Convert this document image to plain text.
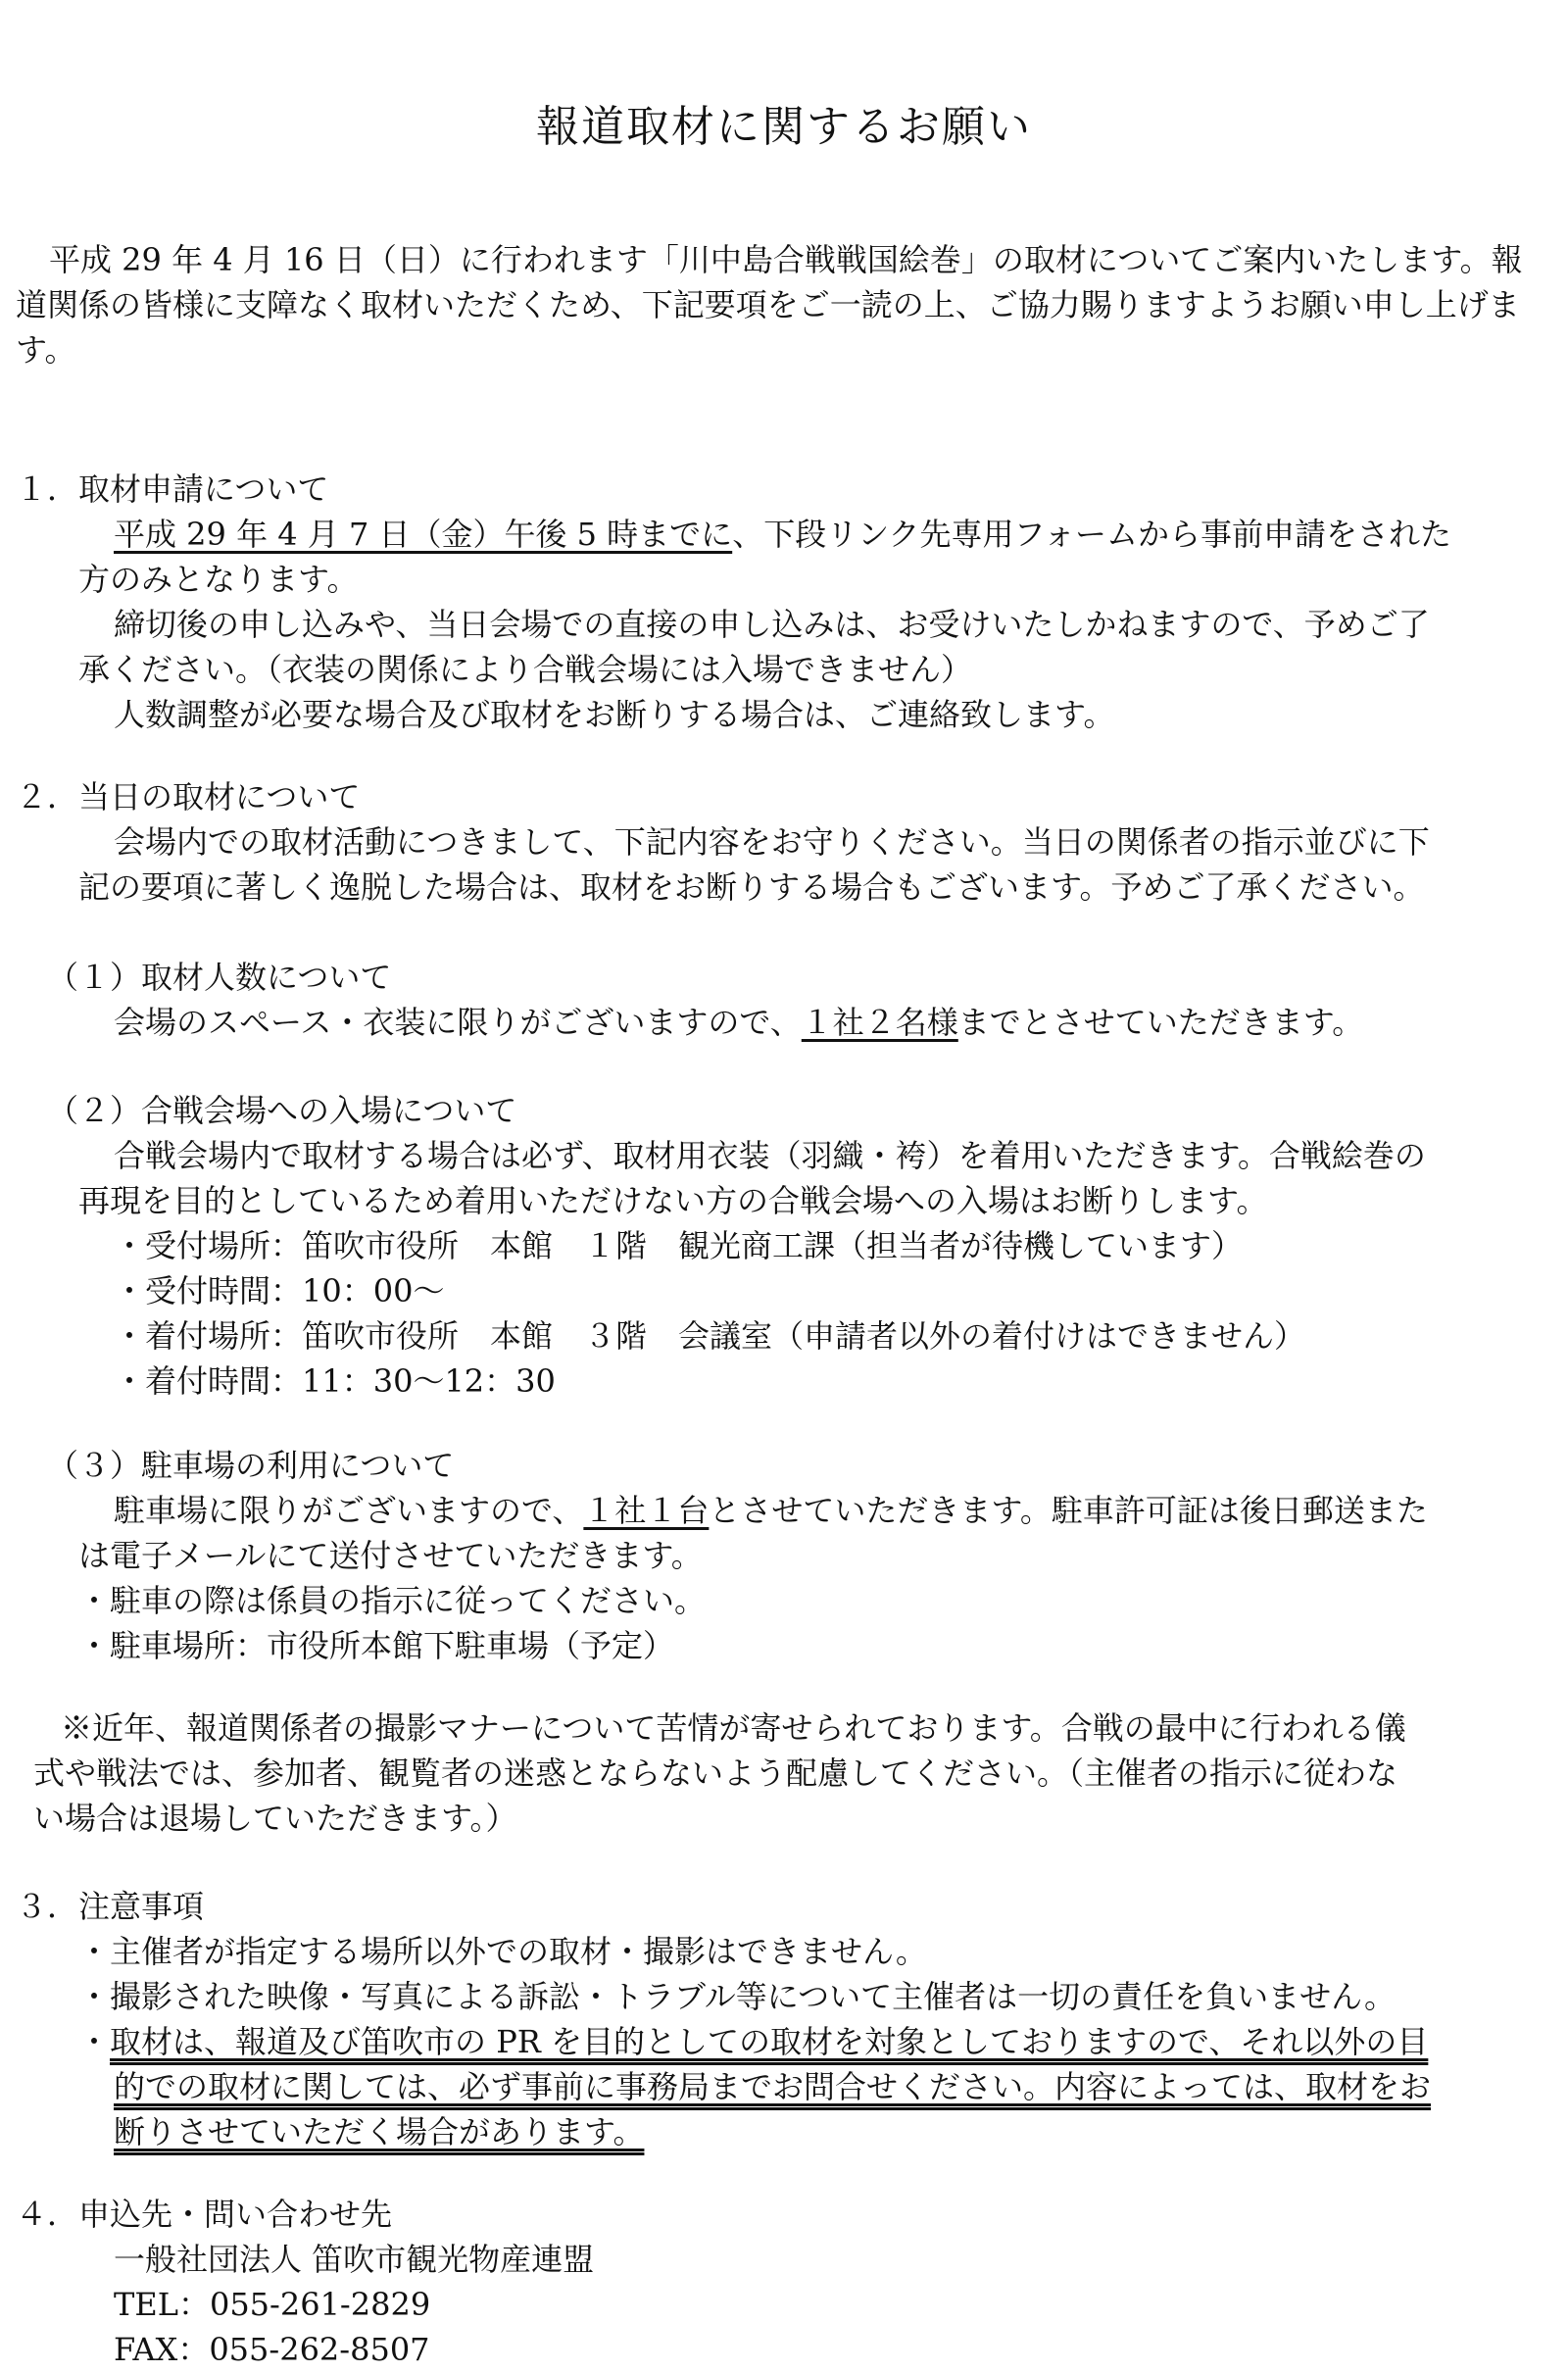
報道取材に関するお願い
平成 29 年 4 月 16 日（日）に行われます「川中島合戦戦国絵巻」の取材についてご案内いたします。報道関係の皆様に支障なく取材いただくため、下記要項をご一読の上、ご協力賜りますようお願い申し上げます。
１．取材申請について
平成 29 年 4 月 7 日（金）午後 5 時までに、下段リンク先専用フォームから事前申請をされた
方のみとなります。
締切後の申し込みや、当日会場での直接の申し込みは、お受けいたしかねますので、予めご了
承ください。（衣装の関係により合戦会場には入場できません）
人数調整が必要な場合及び取材をお断りする場合は、ご連絡致します。
２．当日の取材について
会場内での取材活動につきまして、下記内容をお守りください。当日の関係者の指示並びに下
記の要項に著しく逸脱した場合は、取材をお断りする場合もございます。予めご了承ください。
（１）取材人数について
会場のスペース・衣装に限りがございますので、１社２名様までとさせていただきます。
（２）合戦会場への入場について
合戦会場内で取材する場合は必ず、取材用衣装（羽織・袴）を着用いただきます。合戦絵巻の
再現を目的としているため着用いただけない方の合戦会場への入場はお断りします。
・受付場所：笛吹市役所　本館　１階　観光商工課（担当者が待機しています）
・受付時間：10：00～
・着付場所：笛吹市役所　本館　３階　会議室（申請者以外の着付けはできません）
・着付時間：11：30～12：30
（３）駐車場の利用について
駐車場に限りがございますので、１社１台とさせていただきます。駐車許可証は後日郵送また
は電子メールにて送付させていただきます。
・駐車の際は係員の指示に従ってください。
・駐車場所：市役所本館下駐車場（予定）
※近年、報道関係者の撮影マナーについて苦情が寄せられております。合戦の最中に行われる儀
式や戦法では、参加者、観覧者の迷惑とならないよう配慮してください。（主催者の指示に従わな
い場合は退場していただきます。）
３．注意事項
・主催者が指定する場所以外での取材・撮影はできません。
・撮影された映像・写真による訴訟・トラブル等について主催者は一切の責任を負いません。
・取材は、報道及び笛吹市の PR を目的としての取材を対象としておりますので、それ以外の目
的での取材に関しては、必ず事前に事務局までお問合せください。内容によっては、取材をお
断りさせていただく場合があります。
４．申込先・問い合わせ先
一般社団法人 笛吹市観光物産連盟
TEL：055‐261‐2829
FAX：055‐262‐8507
